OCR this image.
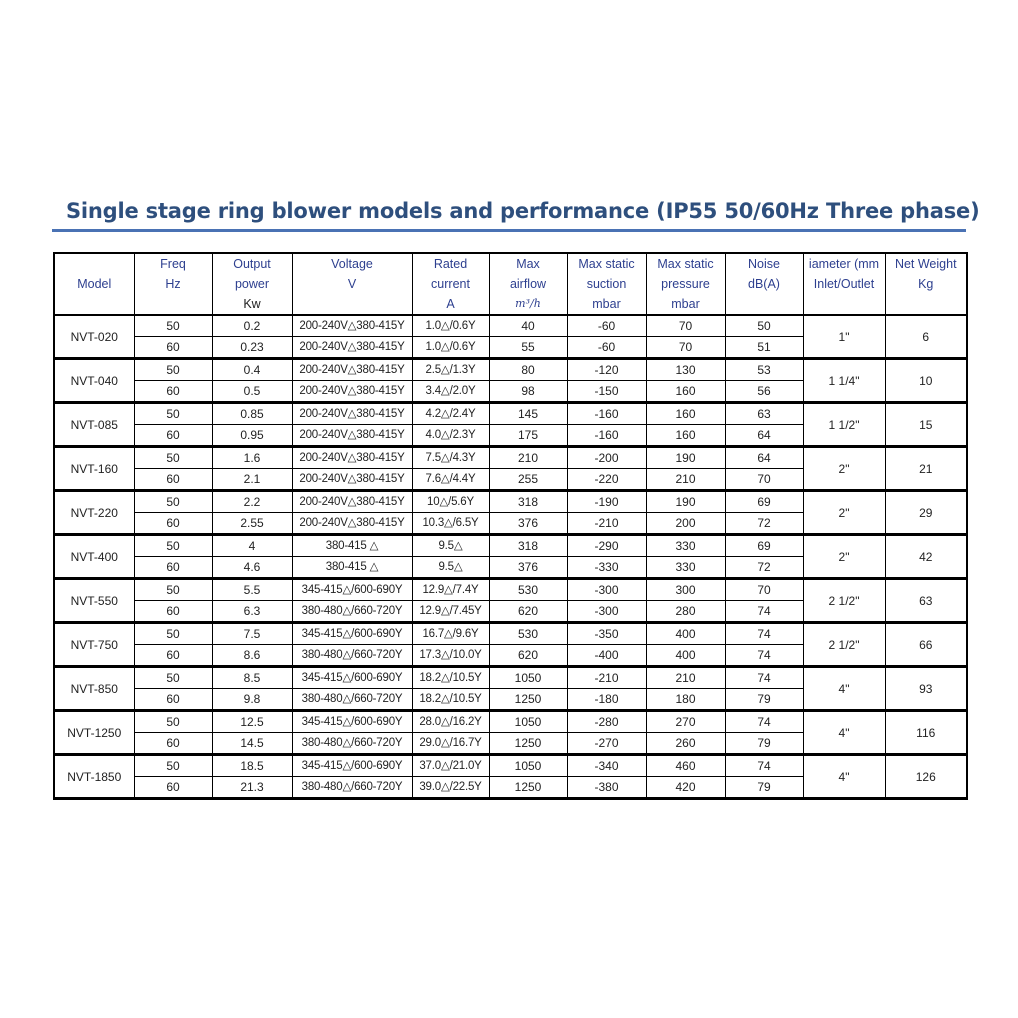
Single stage ring blower models and performance (IP55 50/60Hz Three phase)
Model	Freq	Output	Voltage	Rated	Max	Max static	Max static	Noise	iameter (mm	Net Weight
	Hz	power	V	current	airflow	suction	pressure	dB(A)	Inlet/Outlet	Kg
		Kw		A	m³/h	mbar	mbar			
NVT-020	50	0.2	200-240V△380-415Y	1.0△/0.6Y	40	-60	70	50	1"	6
	60	0.23	200-240V△380-415Y	1.0△/0.6Y	55	-60	70	51		
NVT-040	50	0.4	200-240V△380-415Y	2.5△/1.3Y	80	-120	130	53	1 1/4"	10
	60	0.5	200-240V△380-415Y	3.4△/2.0Y	98	-150	160	56		
NVT-085	50	0.85	200-240V△380-415Y	4.2△/2.4Y	145	-160	160	63	1 1/2"	15
	60	0.95	200-240V△380-415Y	4.0△/2.3Y	175	-160	160	64		
NVT-160	50	1.6	200-240V△380-415Y	7.5△/4.3Y	210	-200	190	64	2"	21
	60	2.1	200-240V△380-415Y	7.6△/4.4Y	255	-220	210	70		
NVT-220	50	2.2	200-240V△380-415Y	10△/5.6Y	318	-190	190	69	2"	29
	60	2.55	200-240V△380-415Y	10.3△/6.5Y	376	-210	200	72		
NVT-400	50	4	380-415 △	9.5△	318	-290	330	69	2"	42
	60	4.6	380-415 △	9.5△	376	-330	330	72		
NVT-550	50	5.5	345-415△/600-690Y	12.9△/7.4Y	530	-300	300	70	2 1/2"	63
	60	6.3	380-480△/660-720Y	12.9△/7.45Y	620	-300	280	74		
NVT-750	50	7.5	345-415△/600-690Y	16.7△/9.6Y	530	-350	400	74	2 1/2"	66
	60	8.6	380-480△/660-720Y	17.3△/10.0Y	620	-400	400	74		
NVT-850	50	8.5	345-415△/600-690Y	18.2△/10.5Y	1050	-210	210	74	4"	93
	60	9.8	380-480△/660-720Y	18.2△/10.5Y	1250	-180	180	79		
NVT-1250	50	12.5	345-415△/600-690Y	28.0△/16.2Y	1050	-280	270	74	4"	116
	60	14.5	380-480△/660-720Y	29.0△/16.7Y	1250	-270	260	79		
NVT-1850	50	18.5	345-415△/600-690Y	37.0△/21.0Y	1050	-340	460	74	4"	126
	60	21.3	380-480△/660-720Y	39.0△/22.5Y	1250	-380	420	79		
